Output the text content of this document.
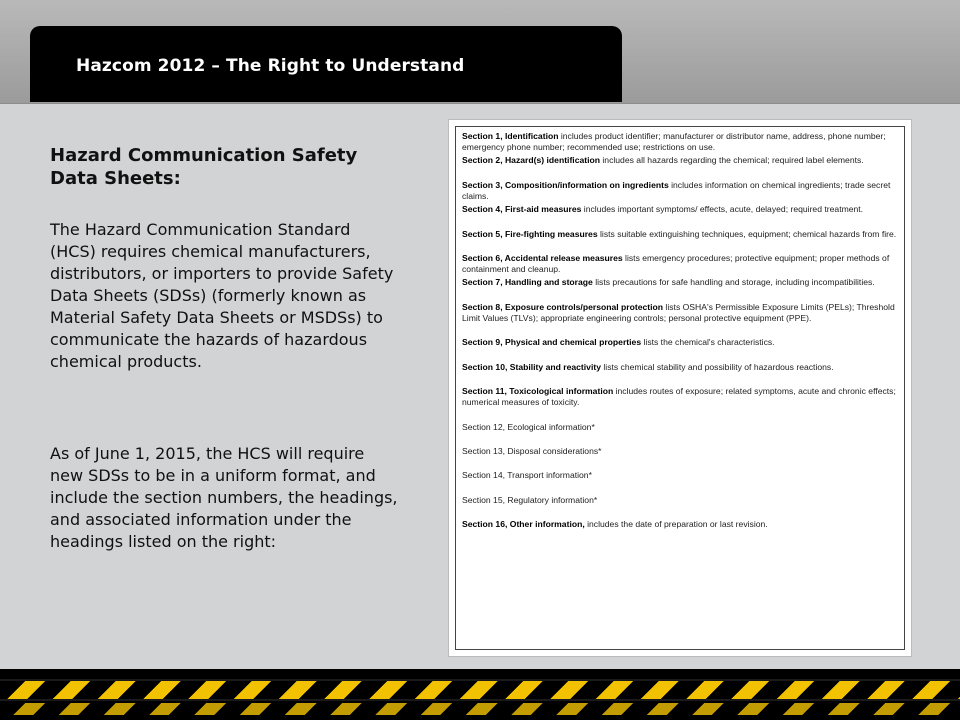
Hazcom 2012 – The Right to Understand
Hazard Communication Safety Data Sheets:

The Hazard Communication Standard (HCS) requires chemical manufacturers, distributors, or importers to provide Safety Data Sheets (SDSs) (formerly known as Material Safety Data Sheets or MSDSs) to communicate the hazards of hazardous chemical products.

As of June 1, 2015, the HCS will require new SDSs to be in a uniform format, and include the section numbers, the headings, and associated information under the headings listed on the right:

Section 1, Identification includes product identifier; manufacturer or distributor name, address, phone number; emergency phone number; recommended use; restrictions on use.
Section 2, Hazard(s) identification includes all hazards regarding the chemical; required label elements.
Section 3, Composition/information on ingredients includes information on chemical ingredients; trade secret claims.
Section 4, First-aid measures includes important symptoms/ effects, acute, delayed; required treatment.
Section 5, Fire-fighting measures lists suitable extinguishing techniques, equipment; chemical hazards from fire.
Section 6, Accidental release measures lists emergency procedures; protective equipment; proper methods of containment and cleanup.
Section 7, Handling and storage lists precautions for safe handling and storage, including incompatibilities.
Section 8, Exposure controls/personal protection lists OSHA's Permissible Exposure Limits (PELs); Threshold Limit Values (TLVs); appropriate engineering controls; personal protective equipment (PPE).
Section 9, Physical and chemical properties lists the chemical's characteristics.
Section 10, Stability and reactivity lists chemical stability and possibility of hazardous reactions.
Section 11, Toxicological information includes routes of exposure; related symptoms, acute and chronic effects; numerical measures of toxicity.
Section 12, Ecological information*
Section 13, Disposal considerations*
Section 14, Transport information*
Section 15, Regulatory information*
Section 16, Other information, includes the date of preparation or last revision.
